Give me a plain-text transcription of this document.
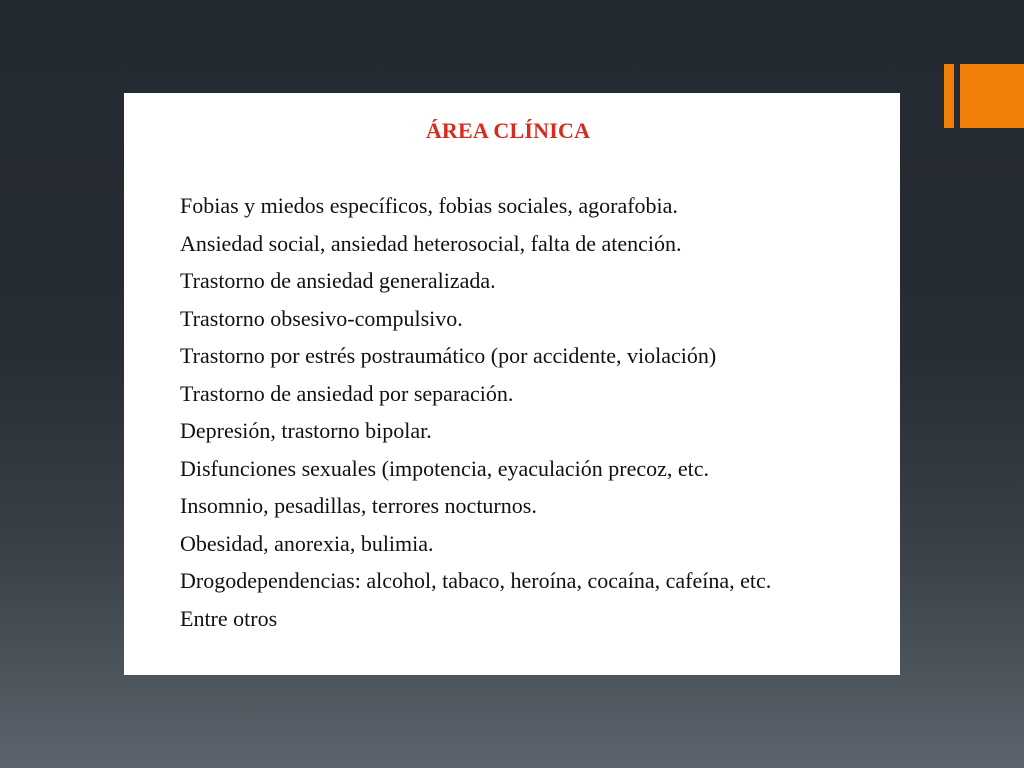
ÁREA CLÍNICA
Fobias y miedos específicos, fobias sociales, agorafobia.
Ansiedad social, ansiedad heterosocial, falta de atención.
Trastorno de ansiedad generalizada.
Trastorno obsesivo-compulsivo.
Trastorno por estrés postraumático (por accidente, violación)
Trastorno de ansiedad por separación.
Depresión, trastorno bipolar.
Disfunciones sexuales (impotencia, eyaculación precoz, etc.
Insomnio, pesadillas, terrores nocturnos.
Obesidad, anorexia, bulimia.
Drogodependencias: alcohol, tabaco, heroína, cocaína, cafeína, etc.
Entre otros
